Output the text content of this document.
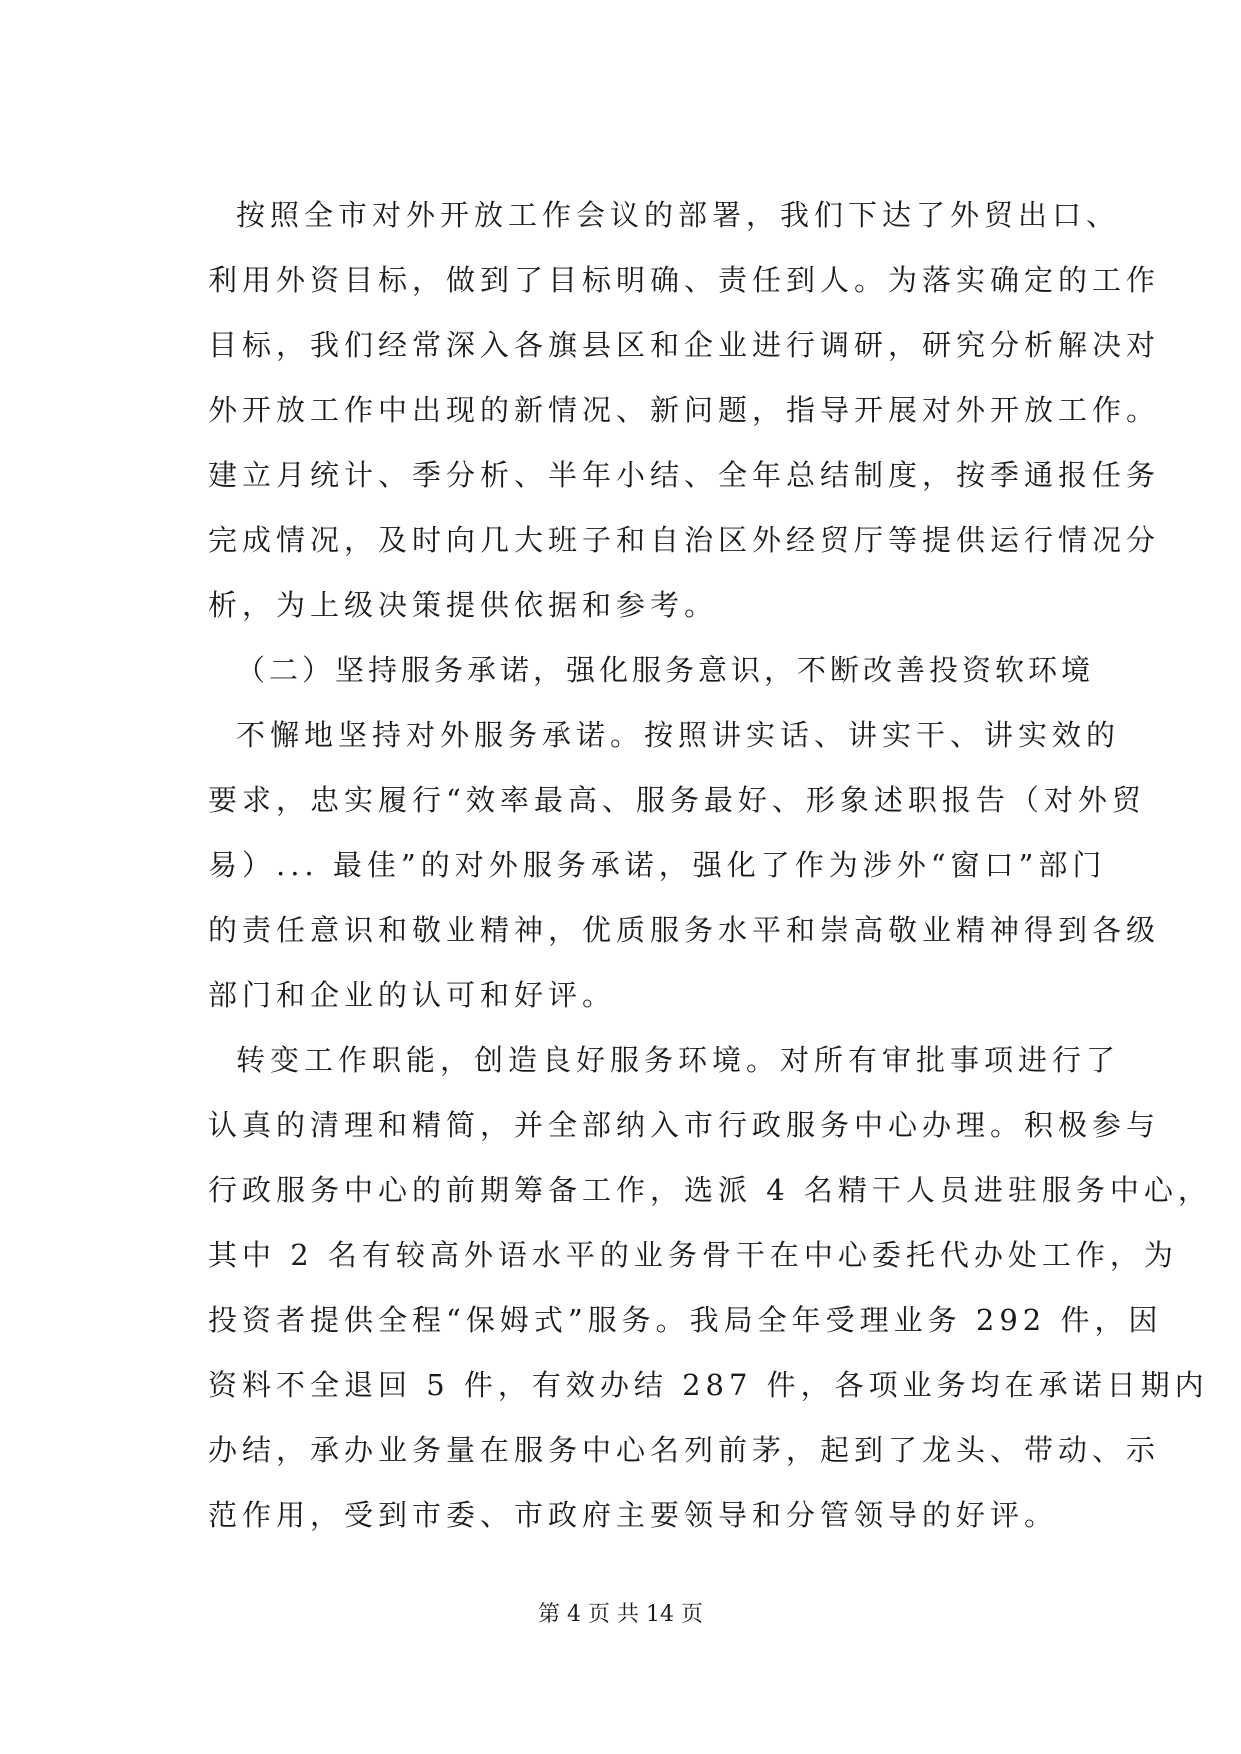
按照全市对外开放工作会议的部署，我们下达了外贸出口、
利用外资目标，做到了目标明确、责任到人。为落实确定的工作
目标，我们经常深入各旗县区和企业进行调研，研究分析解决对
外开放工作中出现的新情况、新问题，指导开展对外开放工作。
建立月统计、季分析、半年小结、全年总结制度，按季通报任务
完成情况，及时向几大班子和自治区外经贸厅等提供运行情况分
析，为上级决策提供依据和参考。
（二）坚持服务承诺，强化服务意识，不断改善投资软环境
不懈地坚持对外服务承诺。按照讲实话、讲实干、讲实效的
要求，忠实履行“效率最高、服务最好、形象述职报告（对外贸
易）... 最佳”的对外服务承诺，强化了作为涉外“窗口”部门
的责任意识和敬业精神，优质服务水平和崇高敬业精神得到各级
部门和企业的认可和好评。
转变工作职能，创造良好服务环境。对所有审批事项进行了
认真的清理和精简，并全部纳入市行政服务中心办理。积极参与
行政服务中心的前期筹备工作，选派 4 名精干人员进驻服务中心，
其中 2 名有较高外语水平的业务骨干在中心委托代办处工作，为
投资者提供全程“保姆式”服务。我局全年受理业务 292 件，因
资料不全退回 5 件，有效办结 287 件，各项业务均在承诺日期内
办结，承办业务量在服务中心名列前茅，起到了龙头、带动、示
范作用，受到市委、市政府主要领导和分管领导的好评。
第 4 页 共 14 页
